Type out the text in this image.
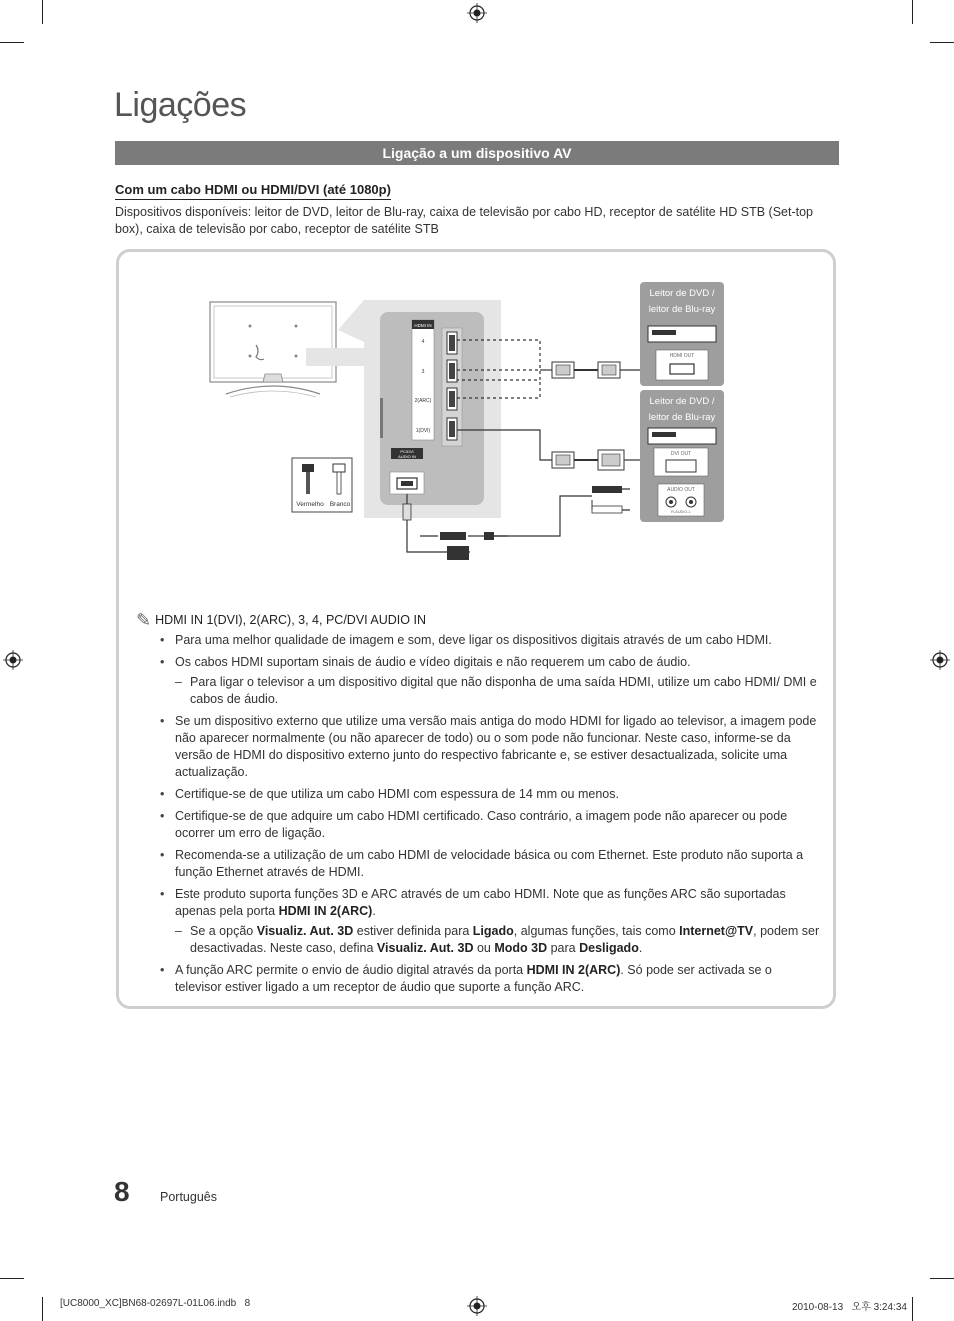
Ligações
Ligação a um dispositivo AV
Com um cabo HDMI ou HDMI/DVI (até 1080p)
Dispositivos disponíveis: leitor de DVD, leitor de Blu-ray, caixa de televisão por cabo HD, receptor de satélite HD STB (Set-top box), caixa de televisão por cabo, receptor de satélite STB
HDMI IN
4
3
2(ARC)
1(DVI)
PC/DVI
AUDIO IN
Vermelho Branco
Leitor de DVD /
leitor de Blu-ray
HDMI OUT
Leitor de DVD /
leitor de Blu-ray
DVI OUT
AUDIO OUT
R-AUDIO-L
✎ HDMI IN 1(DVI), 2(ARC), 3, 4, PC/DVI AUDIO IN
• Para uma melhor qualidade de imagem e som, deve ligar os dispositivos digitais através de um cabo HDMI.
• Os cabos HDMI suportam sinais de áudio e vídeo digitais e não requerem um cabo de áudio.
– Para ligar o televisor a um dispositivo digital que não disponha de uma saída HDMI, utilize um cabo HDMI/ DMI e cabos de áudio.
• Se um dispositivo externo que utilize uma versão mais antiga do modo HDMI for ligado ao televisor, a imagem pode não aparecer normalmente (ou não aparecer de todo) ou o som pode não funcionar. Neste caso, informe-se da versão de HDMI do dispositivo externo junto do respectivo fabricante e, se estiver desactualizada, solicite uma actualização.
• Certifique-se de que utiliza um cabo HDMI com espessura de 14 mm ou menos.
• Certifique-se de que adquire um cabo HDMI certificado. Caso contrário, a imagem pode não aparecer ou pode ocorrer um erro de ligação.
• Recomenda-se a utilização de um cabo HDMI de velocidade básica ou com Ethernet. Este produto não suporta a função Ethernet através de HDMI.
• Este produto suporta funções 3D e ARC através de um cabo HDMI. Note que as funções ARC são suportadas apenas pela porta HDMI IN 2(ARC).
– Se a opção Visualiz. Aut. 3D estiver definida para Ligado, algumas funções, tais como Internet@TV, podem ser desactivadas. Neste caso, defina Visualiz. Aut. 3D ou Modo 3D para Desligado.
• A função ARC permite o envio de áudio digital através da porta HDMI IN 2(ARC). Só pode ser activada se o televisor estiver ligado a um receptor de áudio que suporte a função ARC.
8 Português
[UC8000_XC]BN68-02697L-01L06.indb   8	2010-08-13   오후 3:24:34
